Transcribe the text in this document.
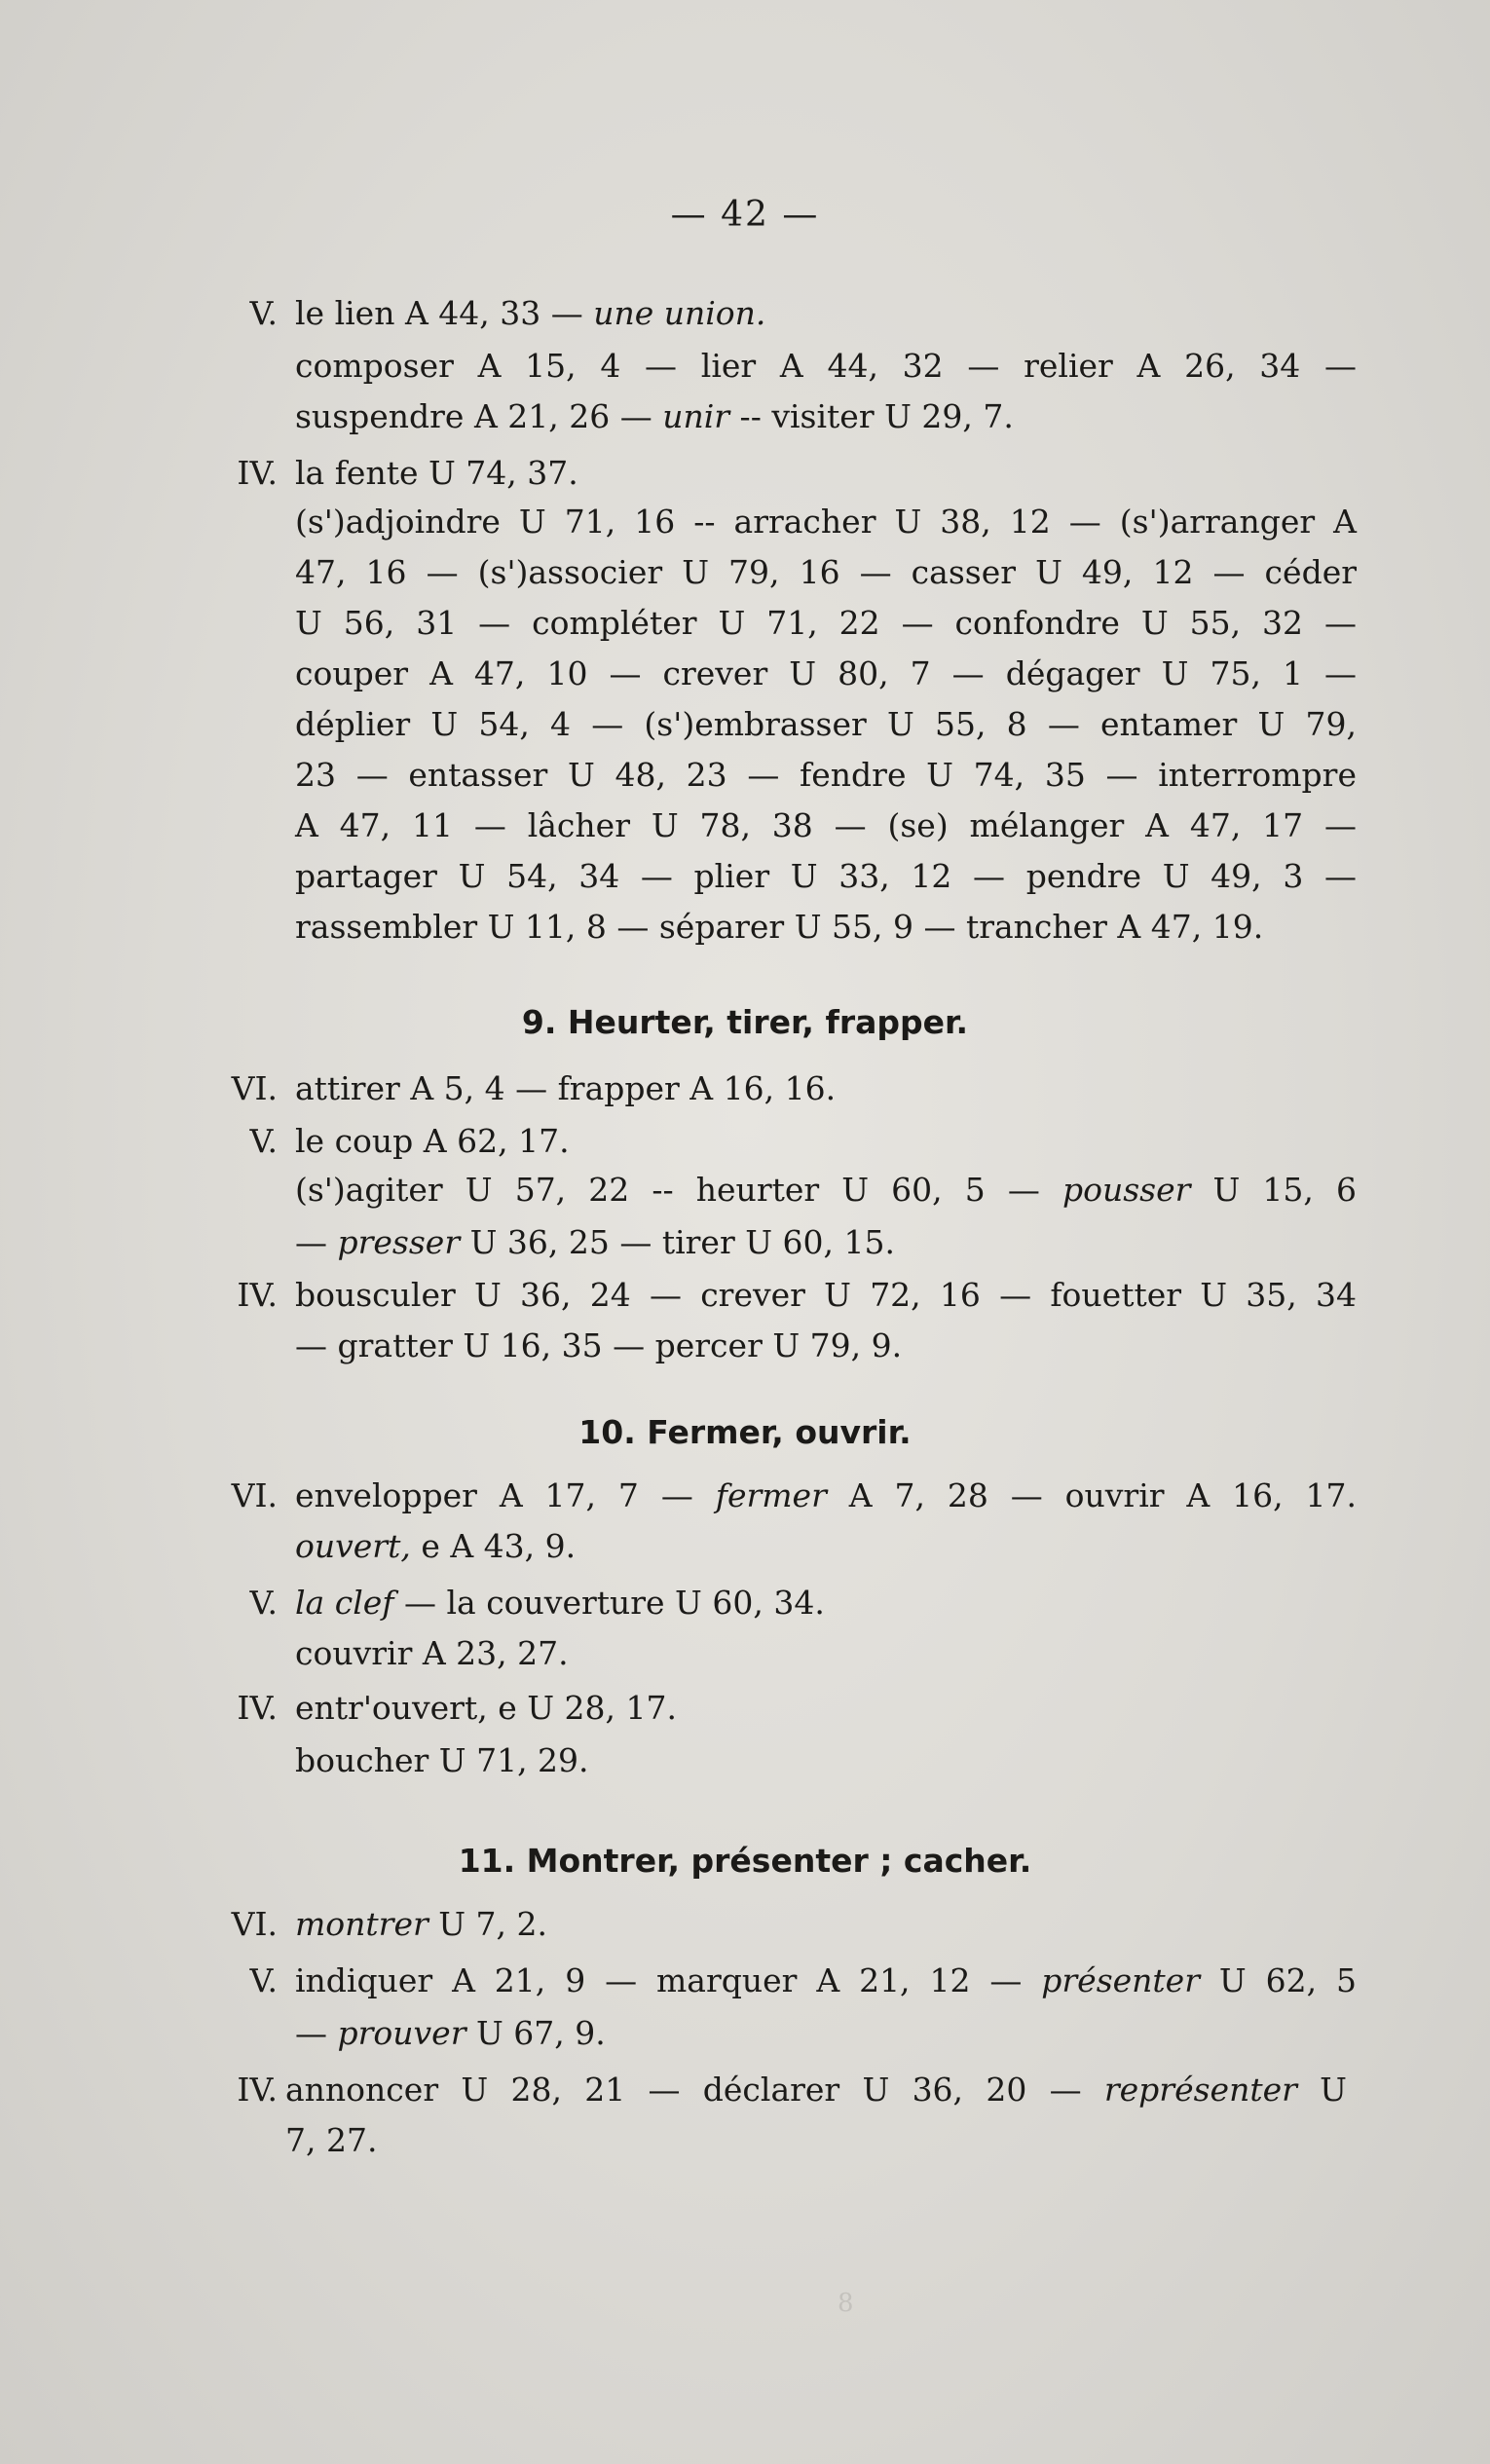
— 42 —
V. le lien A 44, 33 — une union.
composer A 15, 4 — lier A 44, 32 — relier A 26, 34 —
suspendre A 21, 26 — unir -- visiter U 29, 7.
IV. la fente U 74, 37.
(s')adjoindre U 71, 16 -- arracher U 38, 12 — (s')arranger A
47, 16 — (s')associer U 79, 16 — casser U 49, 12 — céder
U 56, 31 — compléter U 71, 22 — confondre U 55, 32 —
couper A 47, 10 — crever U 80, 7 — dégager U 75, 1 —
déplier U 54, 4 — (s')embrasser U 55, 8 — entamer U 79,
23 — entasser U 48, 23 — fendre U 74, 35 — interrompre
A 47, 11 — lâcher U 78, 38 — (se) mélanger A 47, 17 —
partager U 54, 34 — plier U 33, 12 — pendre U 49, 3 —
rassembler U 11, 8 — séparer U 55, 9 — trancher A 47, 19.
9. Heurter, tirer, frapper.
VI. attirer A 5, 4 — frapper A 16, 16.
V. le coup A 62, 17.
(s')agiter U 57, 22 -- heurter U 60, 5 — pousser U 15, 6
— presser U 36, 25 — tirer U 60, 15.
IV. bousculer U 36, 24 — crever U 72, 16 — fouetter U 35, 34
— gratter U 16, 35 — percer U 79, 9.
10. Fermer, ouvrir.
VI. envelopper A 17, 7 — fermer A 7, 28 — ouvrir A 16, 17.
ouvert, e A 43, 9.
V. la clef — la couverture U 60, 34.
couvrir A 23, 27.
IV. entr'ouvert, e U 28, 17.
boucher U 71, 29.
11. Montrer, présenter ; cacher.
VI. montrer U 7, 2.
V. indiquer A 21, 9 — marquer A 21, 12 — présenter U 62, 5
— prouver U 67, 9.
IV. annoncer U 28, 21 — déclarer U 36, 20 — représenter U
7, 27.
8
